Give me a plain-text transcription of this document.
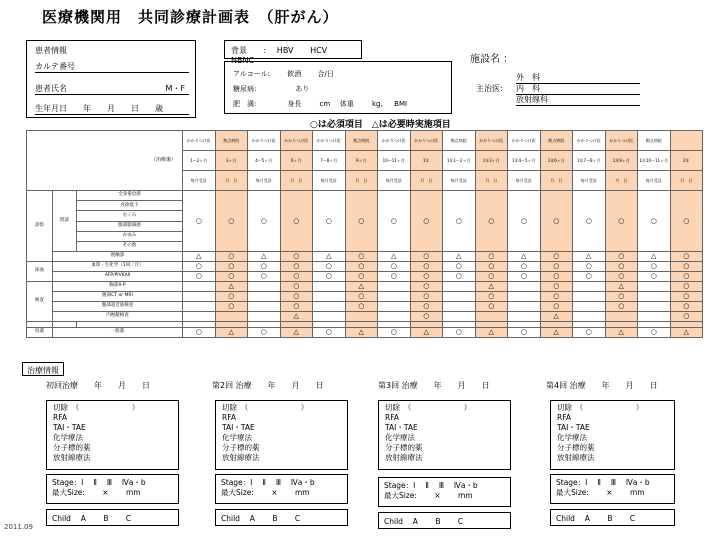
医療機関用　共同診療計画表　（肝がん）
患者情報
カルテ番号
患者氏名	M・F
生年月日　　年　　月　　日　　歳
背景 : HBV HCV NBNC
アルコール: 飲酒 合/日
糖尿病:	あり
肥　満:	身長	cm 体重	kg, BMI
施設名 ：
外　科
主治医: 内　科
放射線科
○は必須項目　△は必要時実施項目
（治療後）			かかりつけ医	拠点病院	かかりつけ医	かかりつけ医	かかりつけ医	拠点病院	かかりつけ医	かかりつけ医	拠点病院	かかりつけ医	かかりつけ医	拠点病院	かかりつけ医	かかりつけ医	拠点病院	
			1〜2ヶ月	3ヶ月	4〜5ヶ月	6ヶ月	7〜8ヶ月	9ヶ月	10〜11ヶ月	1年	1年1〜2ヶ月	1年3ヶ月	1年4〜5ヶ月	1年6ヶ月	1年7〜8ヶ月	1年9ヶ月	1年10〜11ヶ月	2年
			毎月受診	月　日	毎月受診	月　日	毎月受診	月　日	毎月受診	月　日	毎月受診	月　日	毎月受診	月　日	毎月受診	月　日	毎月受診	月　日
診察	問診	全身倦怠感	○	○	○	○	○	○	○	○	○	○	○	○	○	○	○	○
		食欲低下																
		むくみ																
		腹部膨満感																
		かゆみ																
		その他																
	視触診		△	○	△	○	△	○	△	○	△	○	△	○	△	○	△	○
採血	血算・生化学（1回／月）		○	○	○	○	○	○	○	○	○	○	○	○	○	○	○	○
	AFP/PIVKAII		○	○	○	○	○	○	○	○	○	○	○	○	○	○	○	○
検査	胸部X-P			△		○		△		○		△		○		△		○
	腹部CT or MRI			○		○		○		○		○		○		○		○
	腹部超音波検査			○		○		○		○		○		○		○		○
	内視鏡検査					△				○				△				○

投薬	一般薬		○	△	○	△	○	△	○	△	○	△	○	△	○	△	○	△
治療情報
初回治療　　年　　月　　日
切除　（　　　　　　　）
RFA
TAI・TAE
化学療法
分子標的薬
放射線療法
Stage：Ⅰ　 Ⅱ 　Ⅲ　 Ⅳa・b
最大Size:　　 ×　　 mm
Child　 A　 　B　 　C
第2回 治療　　年　　月　　日
切除　（　　　　　　　）
RFA
TAI・TAE
化学療法
分子標的薬
放射線療法
Stage：Ⅰ　 Ⅱ 　Ⅲ　 Ⅳa・b
最大Size:　　 ×　　 mm
Child　 A　 　B　 　C
第3回 治療　　年　　月　　日
切除　（　　　　　　　）
RFA
TAI・TAE
化学療法
分子標的薬
放射線療法
Stage：Ⅰ　 Ⅱ 　Ⅲ　 Ⅳa・b
最大Size:　　 ×　　 mm
Child　 A　 　B　 　C
第4回 治療　　年　　月　　日
切除　（　　　　　　　）
RFA
TAI・TAE
化学療法
分子標的薬
放射線療法
Stage：Ⅰ　 Ⅱ 　Ⅲ　 Ⅳa・b
最大Size:　　 ×　　 mm
Child　 A　 　B　 　C
2011.09
